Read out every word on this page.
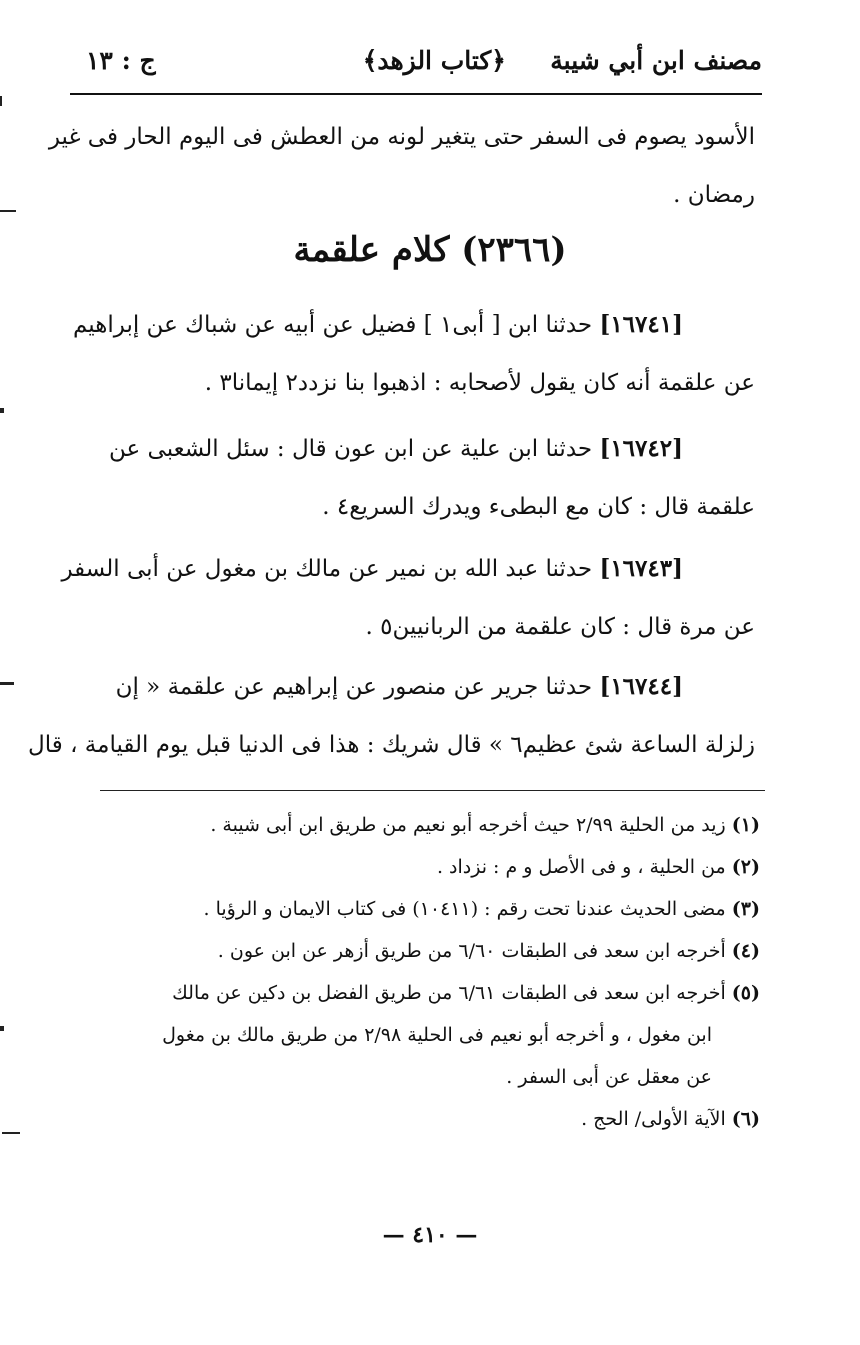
مصنف ابن أبي شيبة
﴿كتاب الزهد﴾
ج : ١٣
الأسود يصوم فى السفر حتى يتغير لونه من العطش فى اليوم الحار فى غير
رمضان .
(٢٣٦٦) كلام علقمة
[١٦٧٤١] حدثنا ابن [ أبى١ ] فضيل عن أبيه عن شباك عن إبراهيم
عن علقمة أنه كان يقول لأصحابه : اذهبوا بنا نزدد٢ إيمانا٣ .
[١٦٧٤٢] حدثنا ابن علية عن ابن عون قال : سئل الشعبى عن
علقمة قال : كان مع البطىء ويدرك السريع٤ .
[١٦٧٤٣] حدثنا عبد الله بن نمير عن مالك بن مغول عن أبى السفر
عن مرة قال : كان علقمة من الربانيين٥ .
[١٦٧٤٤] حدثنا جرير عن منصور عن إبراهيم عن علقمة « إن
زلزلة الساعة شئ عظيم٦ » قال شريك : هذا فى الدنيا قبل يوم القيامة ، قال
(١) زيد من الحلية ٢/٩٩ حيث أخرجه أبو نعيم من طريق ابن أبى شيبة .
(٢) من الحلية ، و فى الأصل و م : نزداد .
(٣) مضى الحديث عندنا تحت رقم : (١٠٤١١) فى كتاب الايمان و الرؤيا .
(٤) أخرجه ابن سعد فى الطبقات ٦/٦٠ من طريق أزهر عن ابن عون .
(٥) أخرجه ابن سعد فى الطبقات ٦/٦١ من طريق الفضل بن دكين عن مالك
ابن مغول ، و أخرجه أبو نعيم فى الحلية ٢/٩٨ من طريق مالك بن مغول
عن معقل عن أبى السفر .
(٦) الآية الأولى/ الحج .
— ٤١٠ —
